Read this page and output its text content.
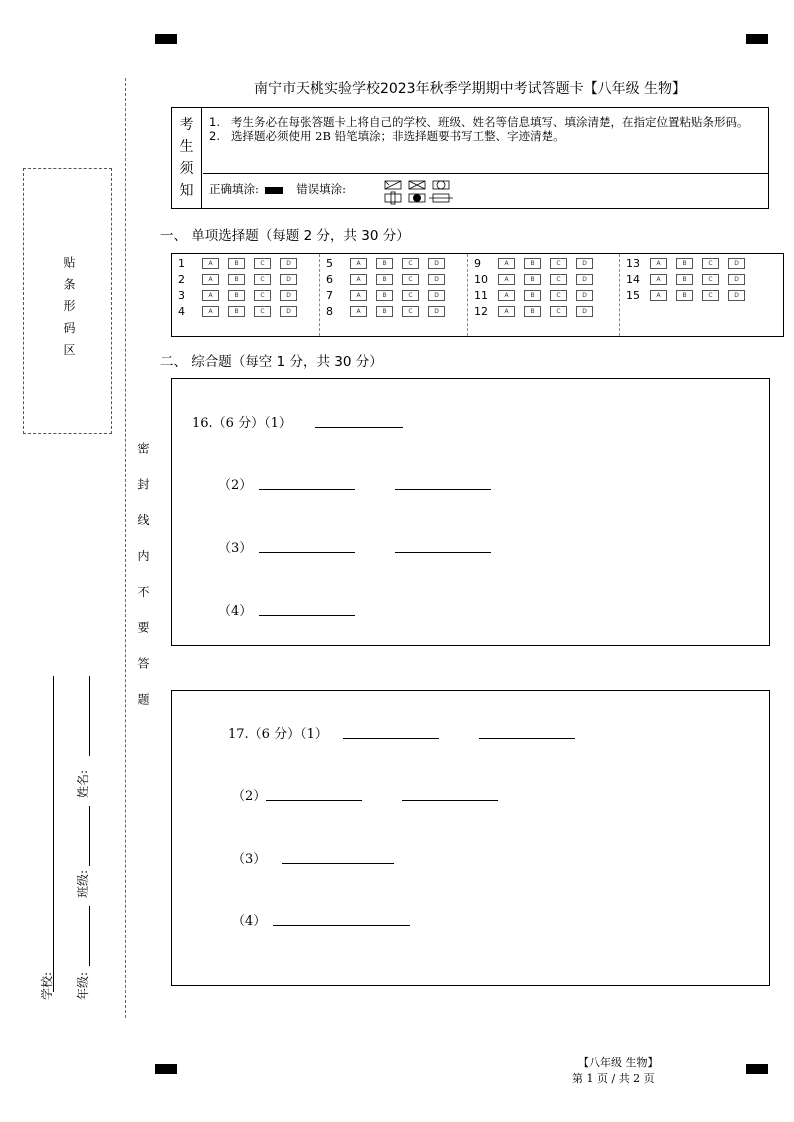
贴 条 形 码 区
密 封 线 内 不 要 答 题
学校: 年级:
班级:
姓名:
南宁市天桃实验学校2023年秋季学期期中考试答题卡【八年级 生物】
考
生
须
知
1. 考生务必在每张答题卡上将自己的学校、班级、姓名等信息填写、填涂清楚，在指定位置粘贴条形码。
2. 选择题必须使用 2B 铅笔填涂；非选择题要书写工整、字迹清楚。
正确填涂:	错误填涂:
一、 单项选择题（每题 2 分，共 30 分）
1	A	B	C	D
2	A	B	C	D
3	A	B	C	D
4	A	B	C	D
5	A	B	C	D
6	A	B	C	D
7	A	B	C	D
8	A	B	C	D
9	A	B	C	D
10	A	B	C	D
11	A	B	C	D
12	A	B	C	D
13	A	B	C	D
14	A	B	C	D
15	A	B	C	D
二、 综合题（每空 1 分，共 30 分）
16.（6 分）（1）
（2）
（3）
（4）
17.（6 分）（1）
（2）
（3）
（4）
【八年级 生物】
第 1 页 / 共 2 页
